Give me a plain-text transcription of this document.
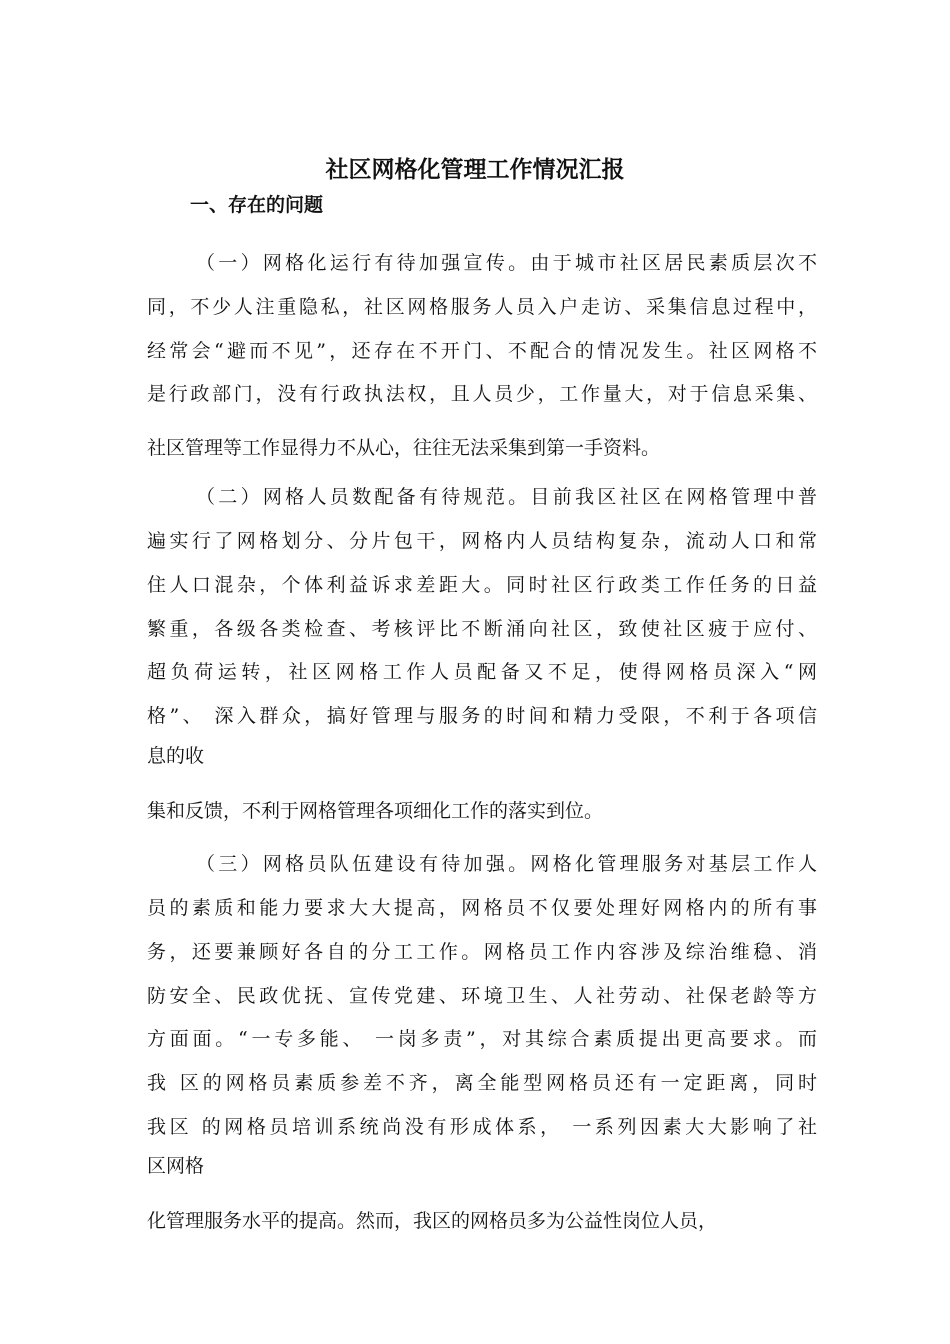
社区网格化管理工作情况汇报
一、存在的问题

（一）网格化运行有待加强宣传。由于城市社区居民素质层次不

同，不少人注重隐私，社区网格服务人员入户走访、采集信息过程中，

经常会“避而不见”，还存在不开门、不配合的情况发生。社区网格不

是行政部门，没有行政执法权，且人员少，工作量大，对于信息采集、

社区管理等工作显得力不从心，往往无法采集到第一手资料。

（二）网格人员数配备有待规范。目前我区社区在网格管理中普

遍实行了网格划分、分片包干，网格内人员结构复杂，流动人口和常

住人口混杂，个体利益诉求差距大。同时社区行政类工作任务的日益

繁重，各级各类检查、考核评比不断涌向社区，致使社区疲于应付、

超负荷运转，社区网格工作人员配备又不足，使得网格员深入“网

格”、 深入群众，搞好管理与服务的时间和精力受限，不利于各项信

息的收

集和反馈，不利于网格管理各项细化工作的落实到位。

（三）网格员队伍建设有待加强。网格化管理服务对基层工作人

员的素质和能力要求大大提高，网格员不仅要处理好网格内的所有事

务，还要兼顾好各自的分工工作。网格员工作内容涉及综治维稳、消

防安全、民政优抚、宣传党建、环境卫生、人社劳动、社保老龄等方

方面面。“一专多能、 一岗多责”，对其综合素质提出更高要求。而

我 区的网格员素质参差不齐，离全能型网格员还有一定距离，同时

我区 的网格员培训系统尚没有形成体系， 一系列因素大大影响了社

区网格

化管理服务水平的提高。然而，我区的网格员多为公益性岗位人员，
